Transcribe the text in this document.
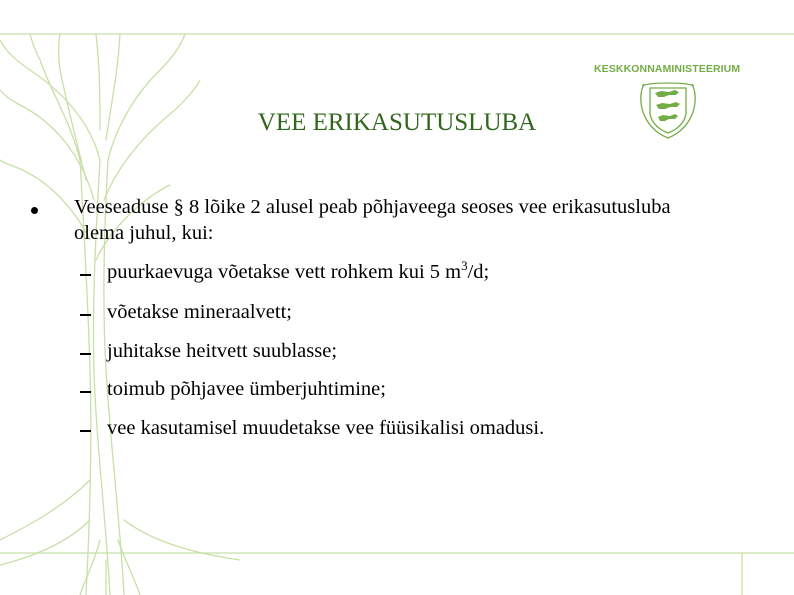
KESKKONNAMINISTEERIUM
VEE ERIKASUTUSLUBA
Veeseaduse § 8 lõike 2 alusel peab põhjaveega seoses vee erikasutusluba olema juhul, kui:
puurkaevuga võetakse vett rohkem kui 5 $m^3/d$;
võetakse mineraalvett;
juhitakse heitvett suublasse;
toimub põhjavee ümberjuhtimine;
vee kasutamisel muudetakse vee füüsikalisi omadusi.
